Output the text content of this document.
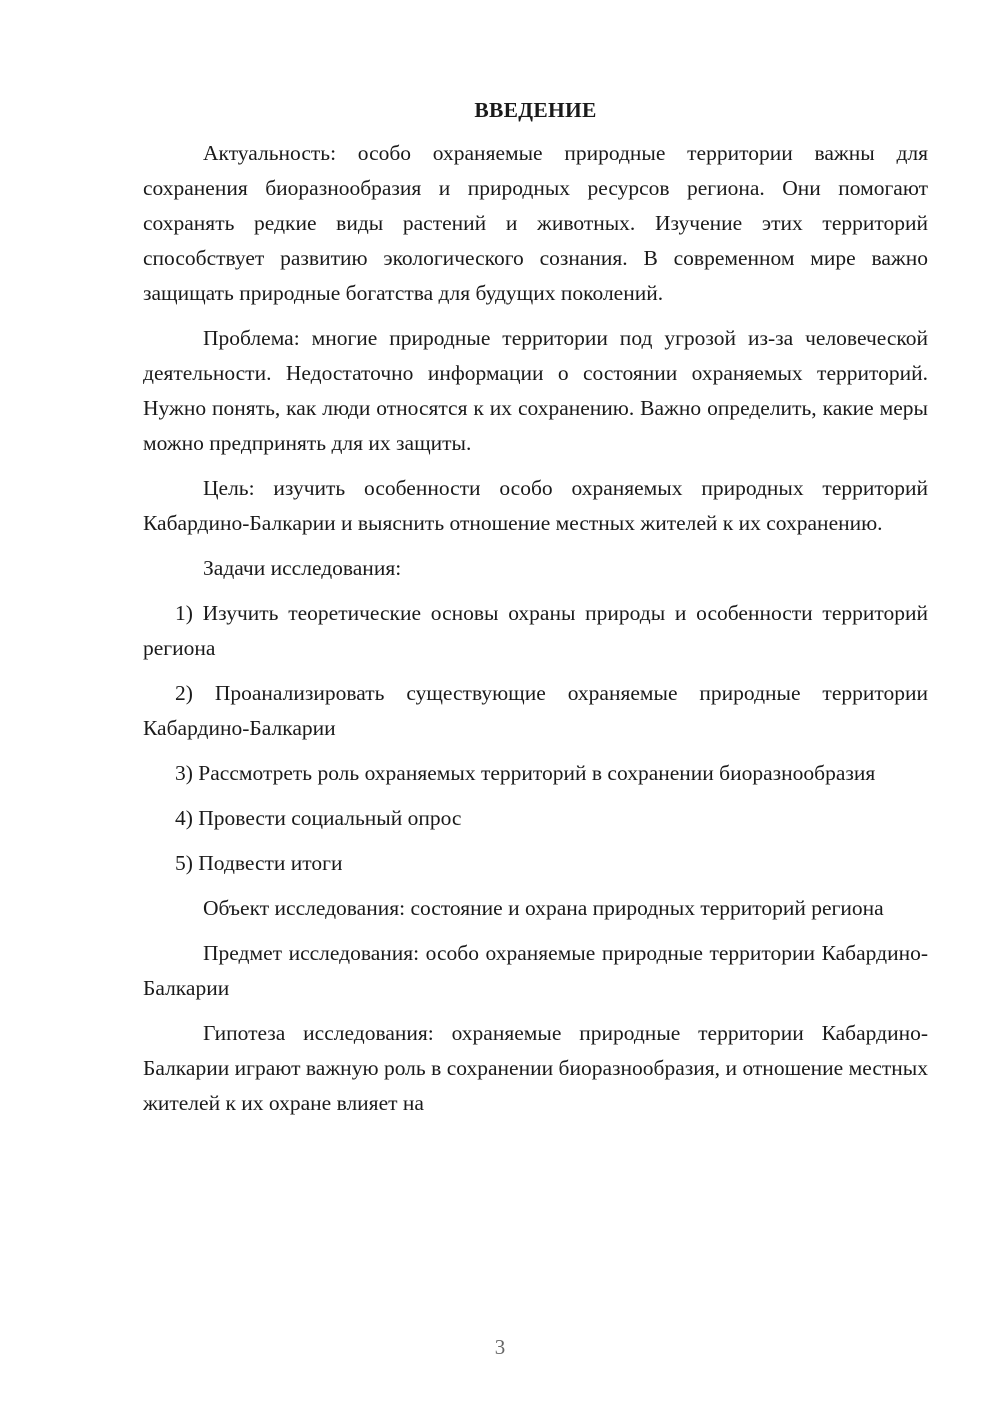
ВВЕДЕНИЕ

Актуальность: особо охраняемые природные территории важны для сохранения биоразнообразия и природных ресурсов региона. Они помогают сохранять редкие виды растений и животных. Изучение этих территорий способствует развитию экологического сознания. В современном мире важно защищать природные богатства для будущих поколений.

Проблема: многие природные территории под угрозой из-за человеческой деятельности. Недостаточно информации о состоянии охраняемых территорий. Нужно понять, как люди относятся к их сохранению. Важно определить, какие меры можно предпринять для их защиты.

Цель: изучить особенности особо охраняемых природных территорий Кабардино-Балкарии и выяснить отношение местных жителей к их сохранению.

Задачи исследования:

1) Изучить теоретические основы охраны природы и особенности территорий региона

2) Проанализировать существующие охраняемые природные территории Кабардино-Балкарии

3) Рассмотреть роль охраняемых территорий в сохранении биоразнообразия

4) Провести социальный опрос

5) Подвести итоги

Объект исследования: состояние и охрана природных территорий региона

Предмет исследования: особо охраняемые природные территории Кабардино-Балкарии

Гипотеза исследования: охраняемые природные территории Кабардино-Балкарии играют важную роль в сохранении биоразнообразия, и отношение местных жителей к их охране влияет на

3
